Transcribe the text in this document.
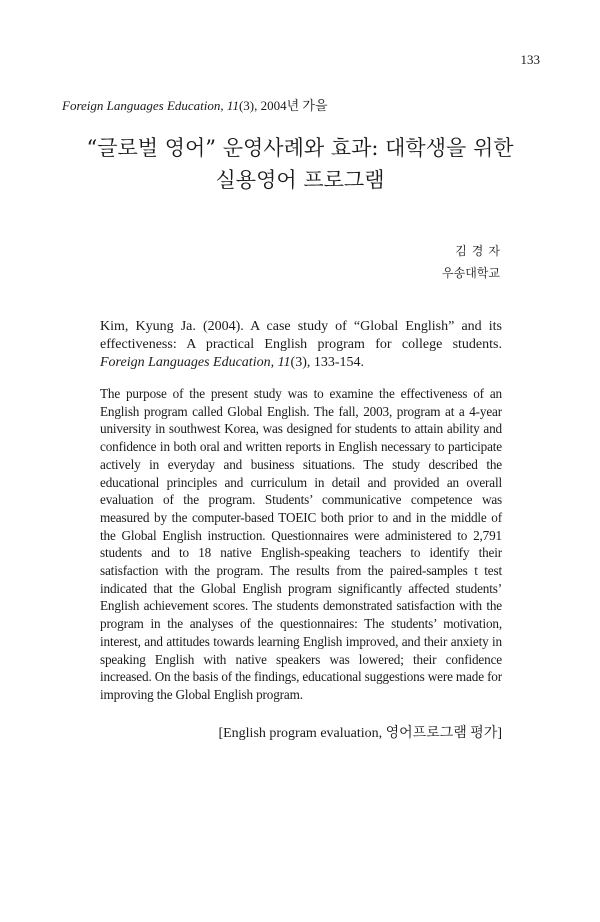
133
Foreign Languages Education, 11(3), 2004년 가을
“글로벌 영어” 운영사례와 효과: 대학생을 위한
실용영어 프로그램
김경자
우송대학교
Kim, Kyung Ja. (2004). A case study of “Global English” and its effectiveness: A practical English program for college students. Foreign Languages Education, 11(3), 133-154.
The purpose of the present study was to examine the effectiveness of an English program called Global English. The fall, 2003, program at a 4-year university in southwest Korea, was designed for students to attain ability and confidence in both oral and written reports in English necessary to participate actively in everyday and business situations. The study described the educational principles and curriculum in detail and provided an overall evaluation of the program. Students’ communicative competence was measured by the computer-based TOEIC both prior to and in the middle of the Global English instruction. Questionnaires were administered to 2,791 students and to 18 native English-speaking teachers to identify their satisfaction with the program. The results from the paired-samples t test indicated that the Global English program significantly affected students’ English achievement scores. The students demonstrated satisfaction with the program in the analyses of the questionnaires: The students’ motivation, interest, and attitudes towards learning English improved, and their anxiety in speaking English with native speakers was lowered; their confidence increased. On the basis of the findings, educational suggestions were made for improving the Global English program.
[English program evaluation, 영어프로그램 평가]
